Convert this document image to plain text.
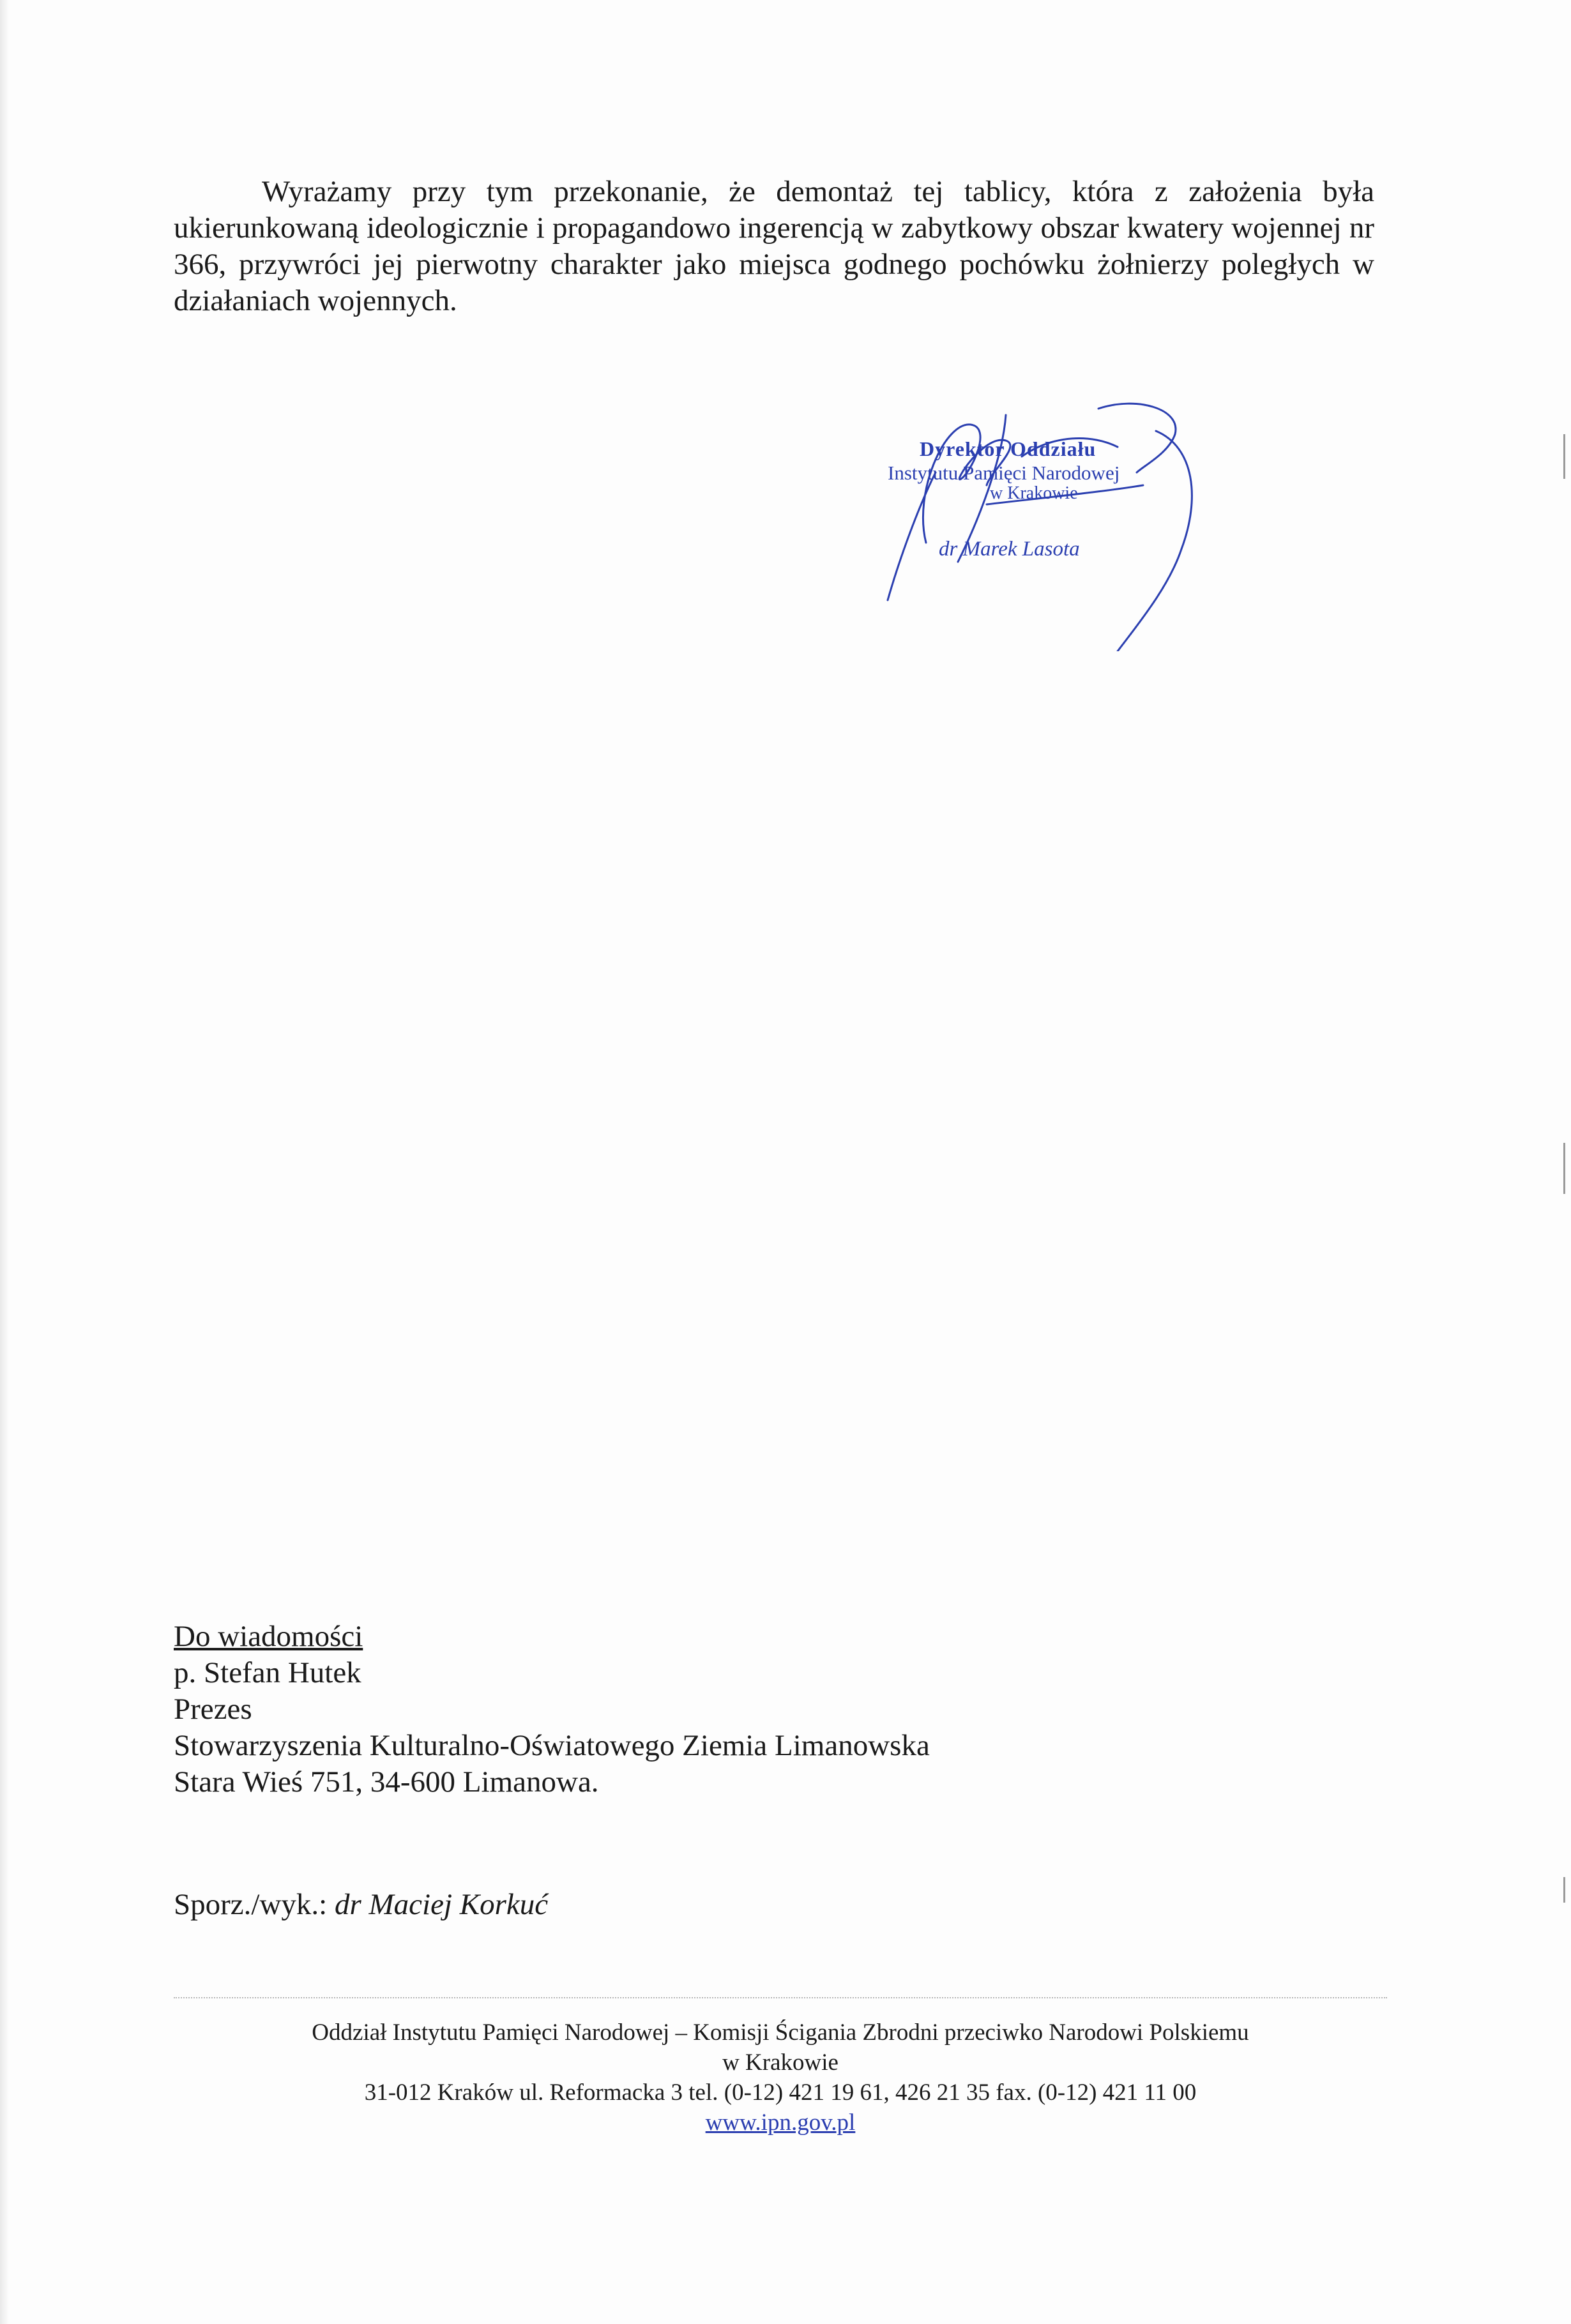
Wyrażamy przy tym przekonanie, że demontaż tej tablicy, która z założenia była ukierunkowaną ideologicznie i propagandowo ingerencją w zabytkowy obszar kwatery wojennej nr 366, przywróci jej pierwotny charakter jako miejsca godnego pochówku żołnierzy poległych w działaniach wojennych.

Dyrektor Oddziału
Instytutu Pamięci Narodowej
w Krakowie
dr Marek Lasota
Do wiadomości
p. Stefan Hutek
Prezes
Stowarzyszenia Kulturalno-Oświatowego Ziemia Limanowska
Stara Wieś 751, 34-600 Limanowa.
Sporz./wyk.: dr Maciej Korkuć
Oddział Instytutu Pamięci Narodowej – Komisji Ścigania Zbrodni przeciwko Narodowi Polskiemu
w Krakowie
31-012 Kraków ul. Reformacka 3 tel. (0-12) 421 19 61, 426 21 35 fax. (0-12) 421 11 00
www.ipn.gov.pl
